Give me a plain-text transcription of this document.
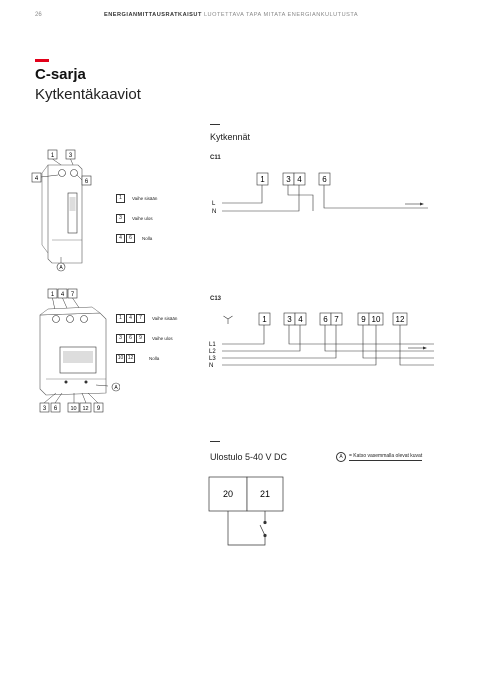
26	ENERGIANMITTAUSRATKAISUT LUOTETTAVA TAPA MITATA ENERGIANKULUTUSTA
C-sarja
Kytkentäkaaviot
Kytkennät
1 3
4	6
A
1	Vaihe sisään
3	Vaihe ulos
4	6	Nolla
C11
1	3 4	6
L
N
1 4 7
A
3 6 10 12 9
1	4	7	Vaihe sisään
3	6	9	Vaihe ulos
10 12	Nolla
C13
1	3 4	6 7	9 10 12
L1
L2
L3
N
Ulostulo 5-40 V DC	A	= Katso vasemmalla olevat kuvat
20	21
